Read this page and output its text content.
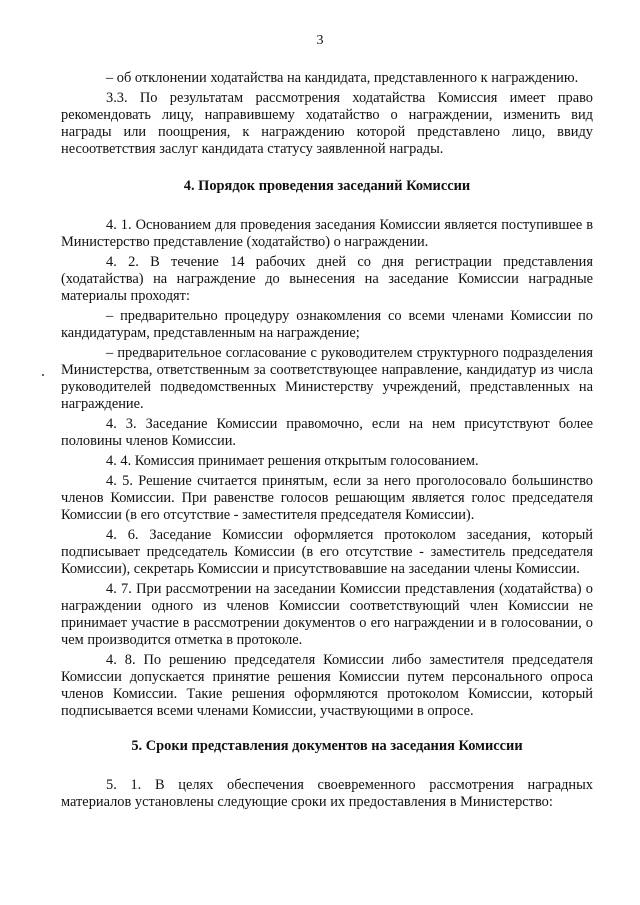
3

– об отклонении ходатайства на кандидата, представленного к награждению.

3.3. По результатам рассмотрения ходатайства Комиссия имеет право рекомендовать лицу, направившему ходатайство о награждении, изменить вид награды или поощрения, к награждению которой представлено лицо, ввиду несоответствия заслуг кандидата статусу заявленной награды.

4. Порядок проведения заседаний Комиссии

4. 1. Основанием для проведения заседания Комиссии является поступившее в Министерство представление (ходатайство) о награждении.

4. 2. В течение 14 рабочих дней со дня регистрации представления (ходатайства) на награждение до вынесения на заседание Комиссии наградные материалы проходят:

– предварительно процедуру ознакомления со всеми членами Комиссии по кандидатурам, представленным на награждение;

– предварительное согласование с руководителем структурного подразделения Министерства, ответственным за соответствующее направление, кандидатур из числа руководителей подведомственных Министерству учреждений, представленных на награждение.

4. 3. Заседание Комиссии правомочно, если на нем присутствуют более половины членов Комиссии.

4. 4. Комиссия принимает решения открытым голосованием.

4. 5. Решение считается принятым, если за него проголосовало большинство членов Комиссии. При равенстве голосов решающим является голос председателя Комиссии (в его отсутствие - заместителя председателя Комиссии).

4. 6. Заседание Комиссии оформляется протоколом заседания, который подписывает председатель Комиссии (в его отсутствие - заместитель председателя Комиссии), секретарь Комиссии и присутствовавшие на заседании члены Комиссии.

4. 7. При рассмотрении на заседании Комиссии представления (ходатайства) о награждении одного из членов Комиссии соответствующий член Комиссии не принимает участие в рассмотрении документов о его награждении и в голосовании, о чем производится отметка в протоколе.

4. 8. По решению председателя Комиссии либо заместителя председателя Комиссии допускается принятие решения Комиссии путем персонального опроса членов Комиссии. Такие решения оформляются протоколом Комиссии, который подписывается всеми членами Комиссии, участвующими в опросе.

5. Сроки представления документов на заседания Комиссии

5. 1. В целях обеспечения своевременного рассмотрения наградных материалов установлены следующие сроки их предоставления в Министерство:
